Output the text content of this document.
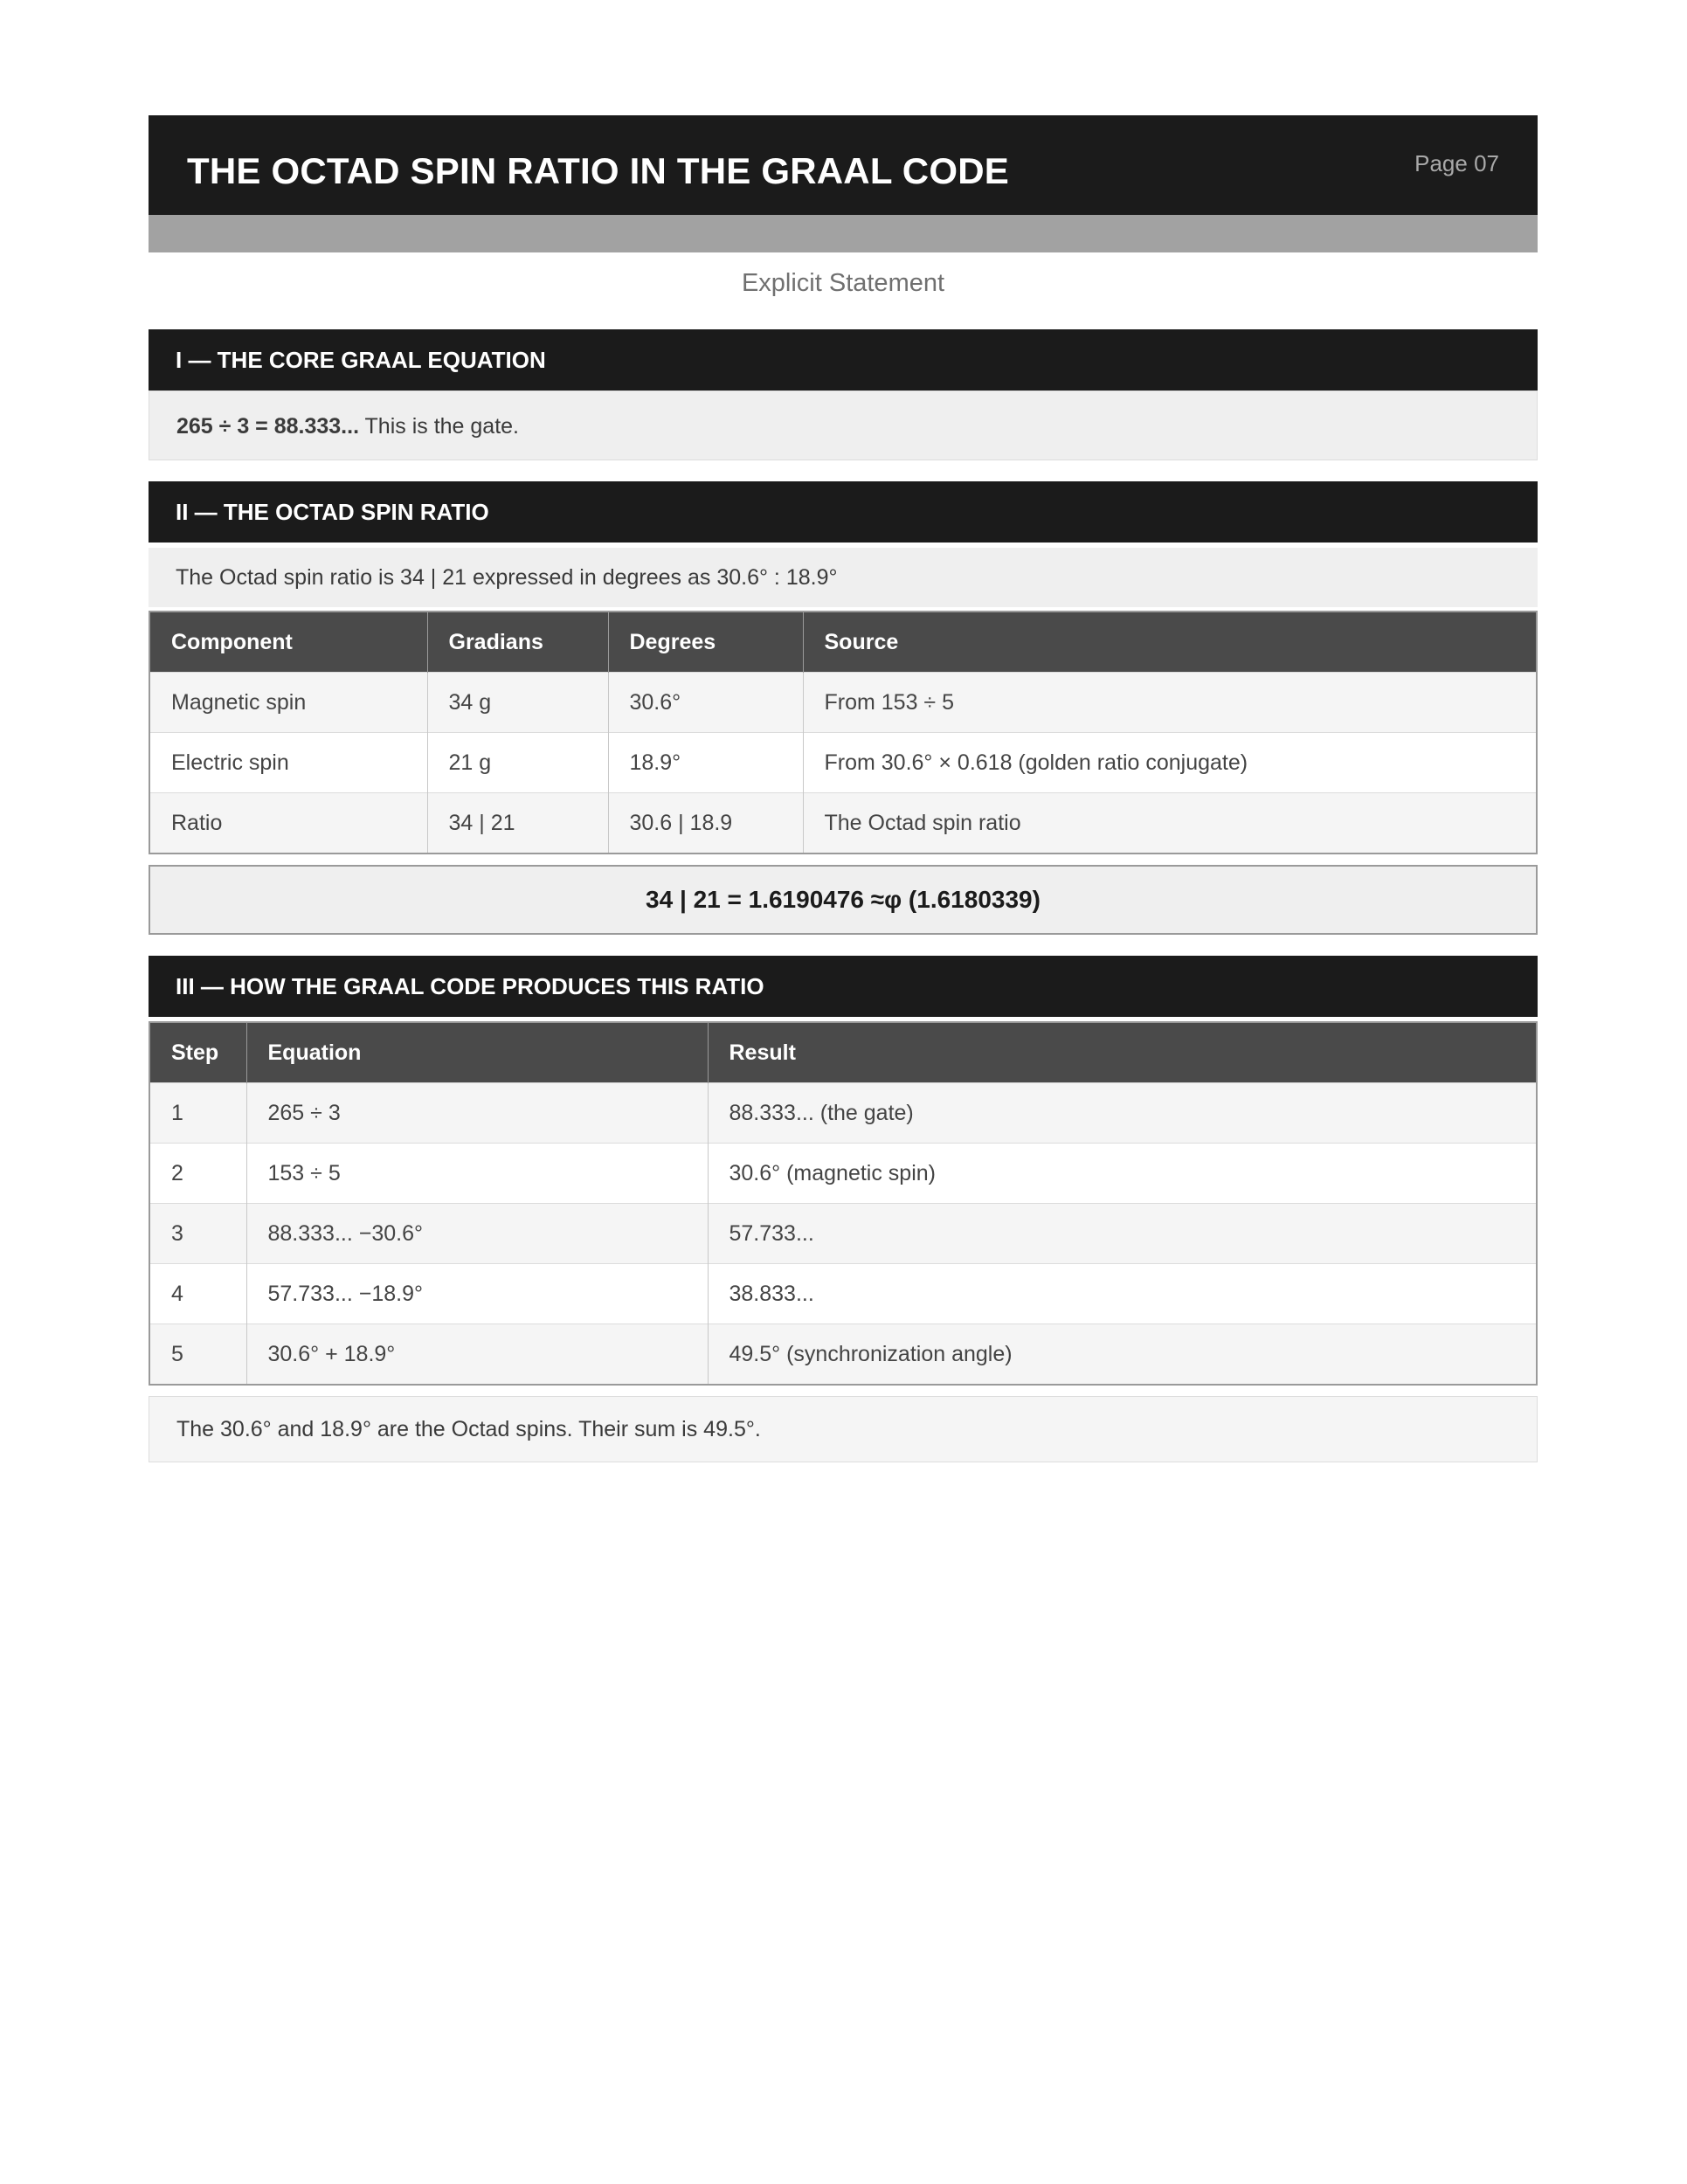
THE OCTAD SPIN RATIO IN THE GRAAL CODE	Page 07
Explicit Statement
I — THE CORE GRAAL EQUATION
265 ÷ 3 = 88.333... This is the gate.
II — THE OCTAD SPIN RATIO
The Octad spin ratio is 34 | 21 expressed in degrees as 30.6° : 18.9°
Component	Gradians	Degrees	Source
Magnetic spin	34 g	30.6°	From 153 ÷ 5
Electric spin	21 g	18.9°	From 30.6° × 0.618 (golden ratio conjugate)
Ratio	34 | 21	30.6 | 18.9	The Octad spin ratio
34 | 21 = 1.6190476 ≈φ (1.6180339)
III — HOW THE GRAAL CODE PRODUCES THIS RATIO
Step	Equation	Result
1	265 ÷ 3	88.333... (the gate)
2	153 ÷ 5	30.6° (magnetic spin)
3	88.333... −30.6°	57.733...
4	57.733... −18.9°	38.833...
5	30.6° + 18.9°	49.5° (synchronization angle)
The 30.6° and 18.9° are the Octad spins. Their sum is 49.5°.
